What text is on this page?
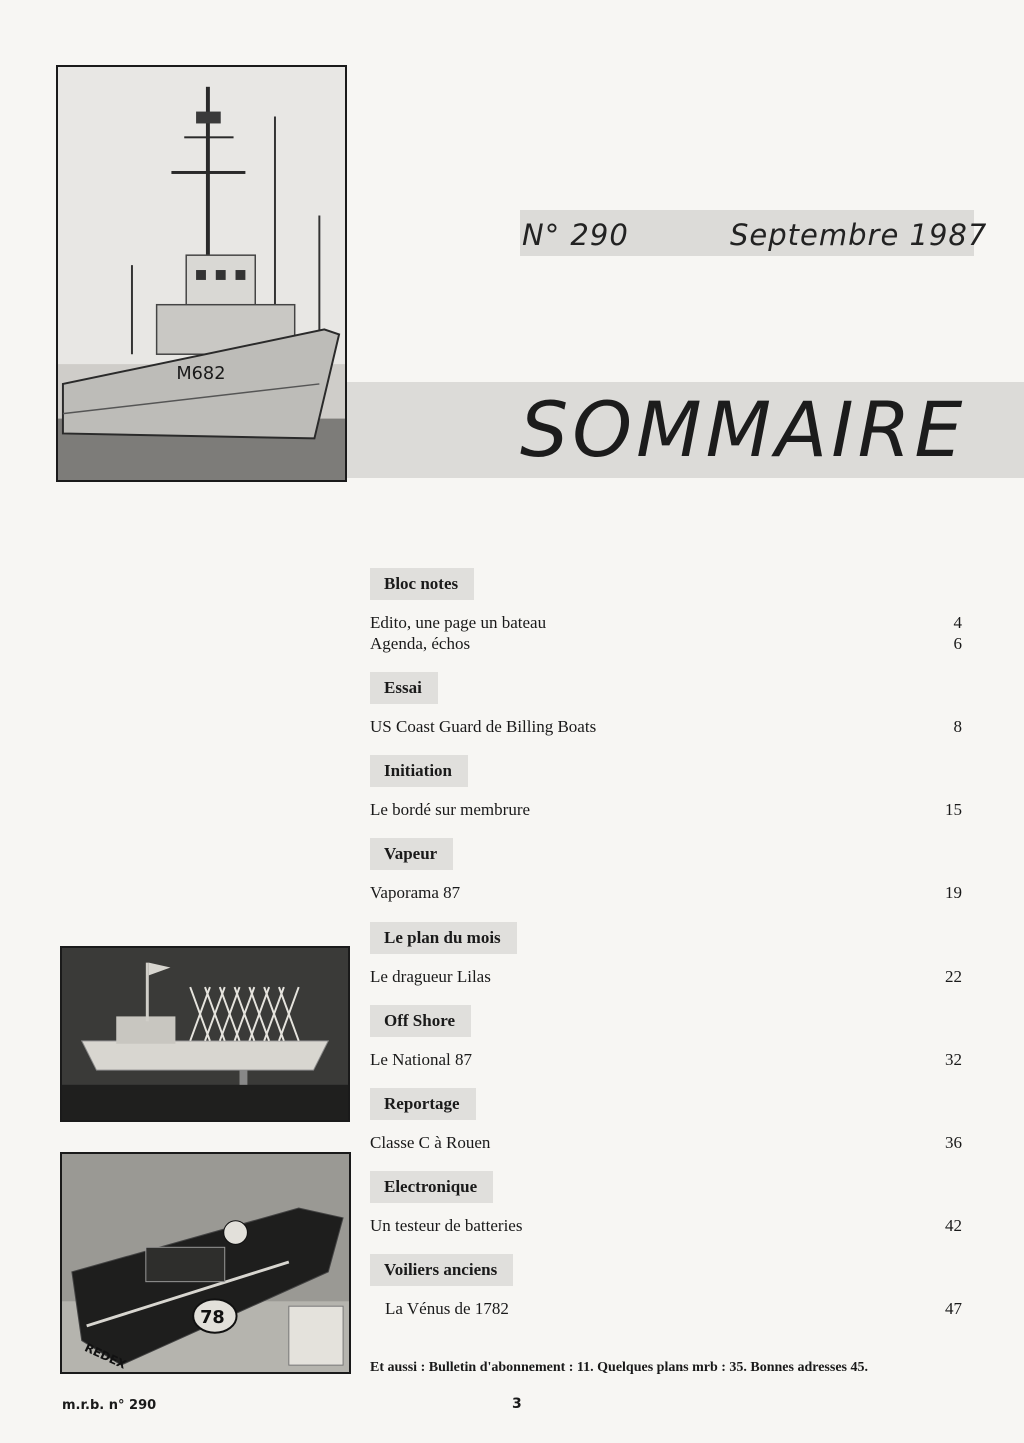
M682
N° 290	Septembre 1987
SOMMAIRE
Bloc notes
Edito, une page un bateau	4
Agenda, échos	6
Essai
US Coast Guard de Billing Boats	8
Initiation
Le bordé sur membrure	15
Vapeur
Vaporama 87	19
Le plan du mois
Le dragueur Lilas	22
Off Shore
Le National 87	32
Reportage
Classe C à Rouen	36
Electronique
Un testeur de batteries	42
Voiliers anciens
La Vénus de 1782	47
78
REDEX	Et aussi : Bulletin d'abonnement : 11. Quelques plans mrb : 35. Bonnes adresses 45.
m.r.b. n° 290	3
